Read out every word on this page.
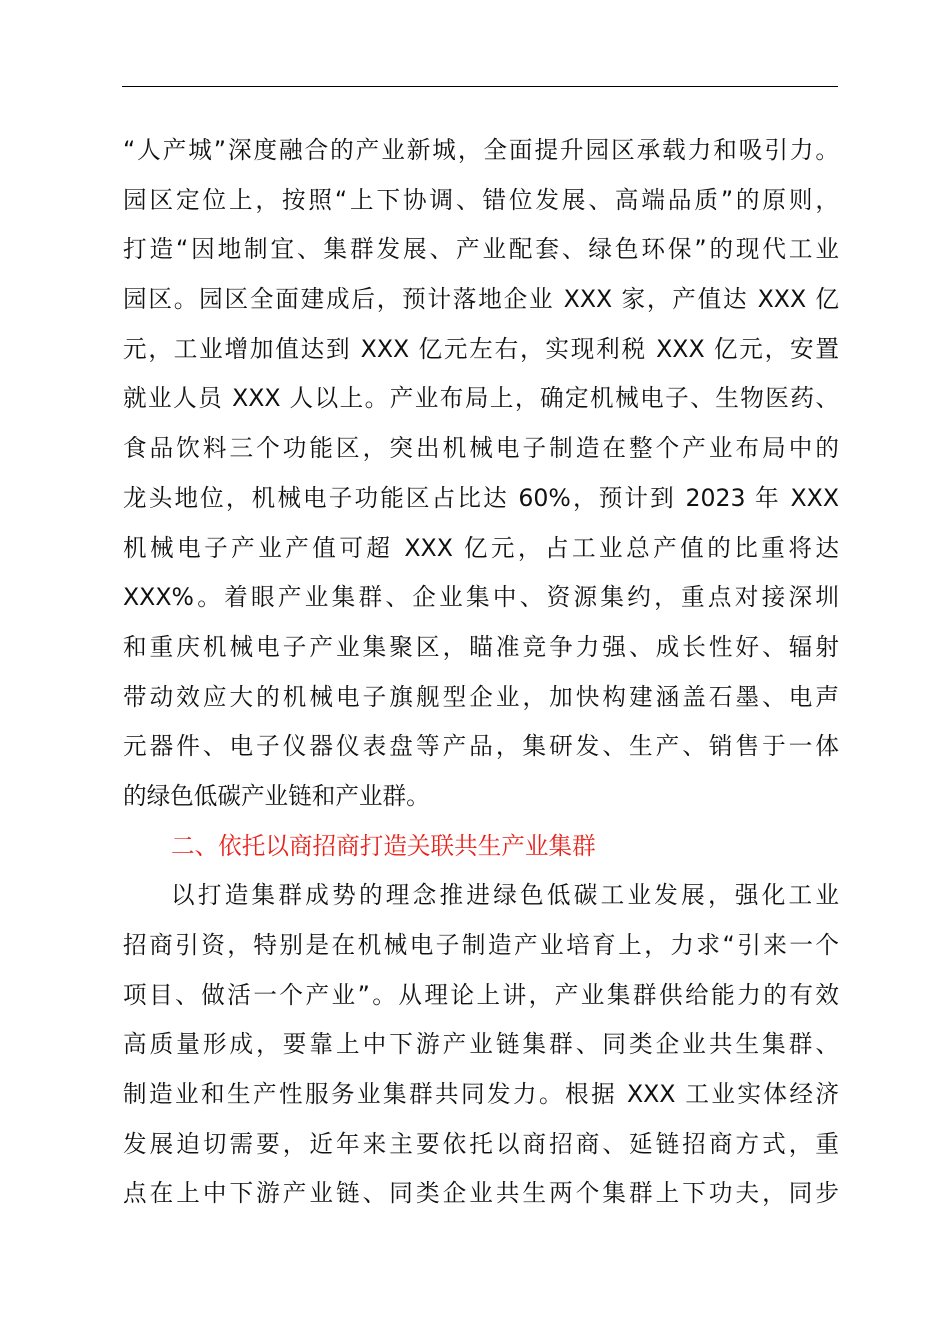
“人产城”深度融合的产业新城，全面提升园区承载力和吸引力。
园区定位上，按照“上下协调、错位发展、高端品质”的原则，
打造“因地制宜、集群发展、产业配套、绿色环保”的现代工业
园区。园区全面建成后，预计落地企业 XXX 家，产值达 XXX 亿
元，工业增加值达到 XXX 亿元左右，实现利税 XXX 亿元，安置
就业人员 XXX 人以上。产业布局上，确定机械电子、生物医药、
食品饮料三个功能区，突出机械电子制造在整个产业布局中的
龙头地位，机械电子功能区占比达 60%，预计到 2023 年 XXX
机械电子产业产值可超 XXX 亿元，占工业总产值的比重将达
XXX%。着眼产业集群、企业集中、资源集约，重点对接深圳
和重庆机械电子产业集聚区，瞄准竞争力强、成长性好、辐射
带动效应大的机械电子旗舰型企业，加快构建涵盖石墨、电声
元器件、电子仪器仪表盘等产品，集研发、生产、销售于一体
的绿色低碳产业链和产业群。
二、依托以商招商打造关联共生产业集群
以打造集群成势的理念推进绿色低碳工业发展，强化工业
招商引资，特别是在机械电子制造产业培育上，力求“引来一个
项目、做活一个产业”。从理论上讲，产业集群供给能力的有效
高质量形成，要靠上中下游产业链集群、同类企业共生集群、
制造业和生产性服务业集群共同发力。根据 XXX 工业实体经济
发展迫切需要，近年来主要依托以商招商、延链招商方式，重
点在上中下游产业链、同类企业共生两个集群上下功夫，同步
